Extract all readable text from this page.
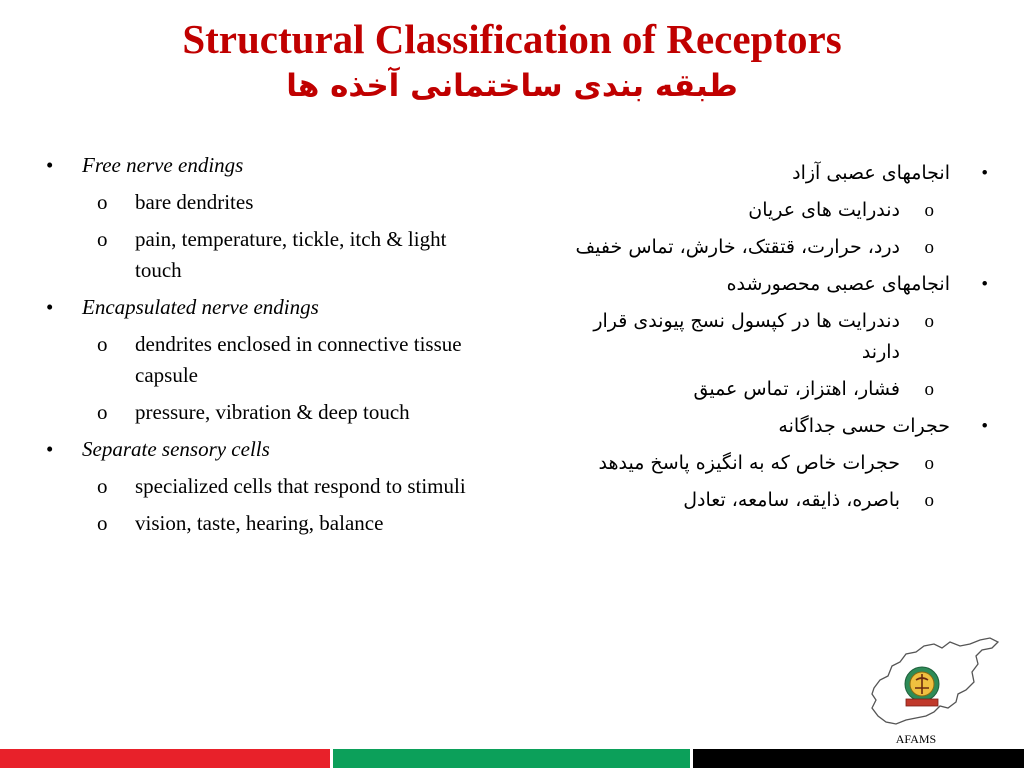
Structural Classification of Receptors
طبقه بندی ساختمانی آخذه ها
• Free nerve endings
o bare dendrites
o pain, temperature, tickle, itch & light touch
• Encapsulated nerve endings
o dendrites enclosed in connective tissue capsule
o pressure, vibration & deep touch
• Separate sensory cells
o specialized cells that respond to stimuli
o vision, taste, hearing, balance
•
انجامهای عصبی آزاد
o
دندرایت های عریان
o
درد، حرارت، قتقتک، خارش، تماس خفیف
•
انجامهای عصبی محصورشده
o
دندرایت ها در کپسول نسج پیوندی قرار دارند
o
فشار، اهتزاز، تماس عمیق
•
حجرات حسی جداگانه
o
حجرات خاص که به انگیزه پاسخ میدهد
o
باصره، ذایقه، سامعه، تعادل
AFAMS
